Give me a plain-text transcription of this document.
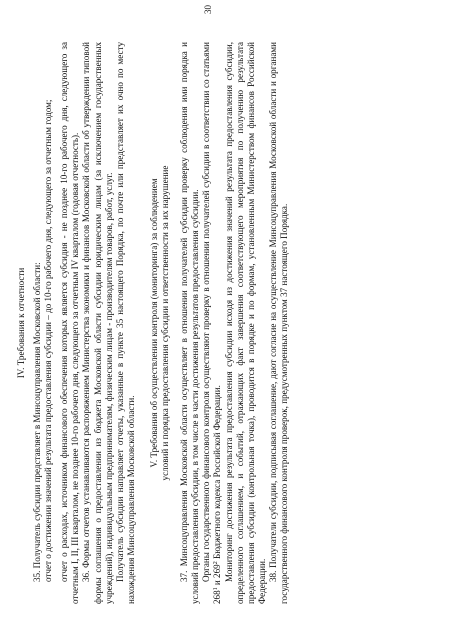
30

IV. Требования к отчетности 35. Получатель субсидии представляет в Минсоцуправления Московской области: отчет о достижении значений результата предоставления субсидии – до 10-го рабочего дня, следующего за отчетным годом; отчет о расходах, источником финансового обеспечения которых является субсидия - не позднее 10-го рабочего дня, следующего за отчетным I, II, III кварталом, не позднее 10-го рабочего дня, следующего за отчетным IV кварталом (годовая отчетность). 36. Формы отчетов устанавливаются распоряжением Министерства экономики и финансов Московской области об утверждении типовой формы соглашения о предоставлении из бюджета Московской области субсидии юридическим лицам (за исключением государственных учреждений), индивидуальным предпринимателям, физическим лицам - производителям товаров, работ, услуг. Получатель субсидии направляет отчеты, указанные в пункте 35 настоящего Порядка, по почте или представляет их очно по месту нахождения Минсоцуправления Московской области.

V. Требования об осуществлении контроля (мониторинга) за соблюдением условий и порядка предоставления субсидии и ответственности за их нарушение 37. Минсоцуправления Московской области осуществляет в отношении получателей субсидии проверку соблюдения ими порядка и условий предоставления субсидии, в том числе в части достижения результатов предоставления субсидии. Органы государственного финансового контроля осуществляют проверку в отношении получателей субсидии в соответствии со статьями $268^1$ и $269^2$ Бюджетного кодекса Российской Федерации. Мониторинг достижения результата предоставления субсидии исходя из достижения значений результата предоставления субсидии, определенного соглашением, и событий, отражающих факт завершения соответствующего мероприятия по получению результата предоставления субсидии (контрольная точка), проводится в порядке и по формам, установленным Министерством финансов Российской Федерации. 38. Получатели субсидии, подписывая соглашение, дают согласие на осуществление Минсоцуправления Московской области и органами государственного финансового контроля проверок, предусмотренных пунктом 37 настоящего Порядка.
